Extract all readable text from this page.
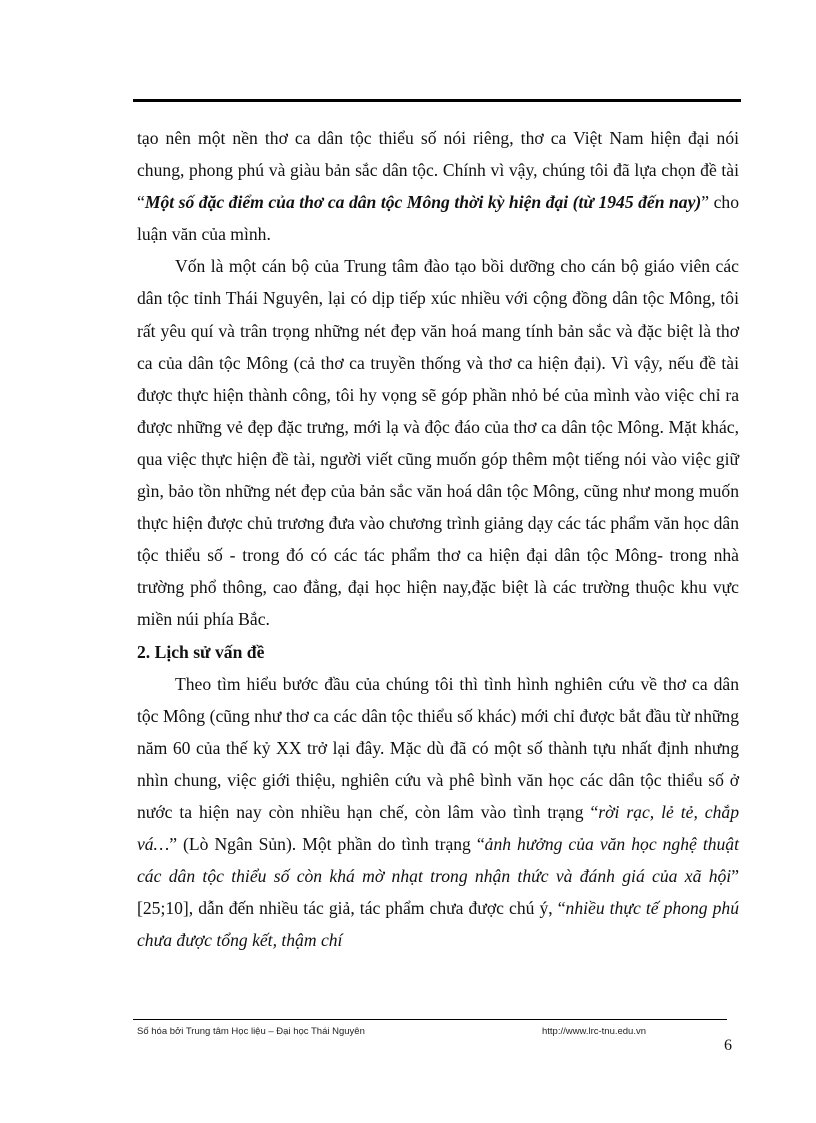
tạo nên một nền thơ ca dân tộc thiểu số nói riêng, thơ ca Việt Nam hiện đại nói chung, phong phú và giàu bản sắc dân tộc. Chính vì vậy, chúng tôi đã lựa chọn đề tài “Một số đặc điểm của thơ ca dân tộc Mông thời kỳ hiện đại (từ 1945 đến nay)” cho luận văn của mình.

Vốn là một cán bộ của Trung tâm đào tạo bồi dưỡng cho cán bộ giáo viên các dân tộc tỉnh Thái Nguyên, lại có dịp tiếp xúc nhiều với cộng đồng dân tộc Mông, tôi rất yêu quí và trân trọng những nét đẹp văn hoá mang tính bản sắc và đặc biệt là thơ ca của dân tộc Mông (cả thơ ca truyền thống và thơ ca hiện đại). Vì vậy, nếu đề tài được thực hiện thành công, tôi hy vọng sẽ góp phần nhỏ bé của mình vào việc chỉ ra được những vẻ đẹp đặc trưng, mới lạ và độc đáo của thơ ca dân tộc Mông. Mặt khác, qua việc thực hiện đề tài, người viết cũng muốn góp thêm một tiếng nói vào việc giữ gìn, bảo tồn những nét đẹp của bản sắc văn hoá dân tộc Mông, cũng như mong muốn thực hiện được chủ trương đưa vào chương trình giảng dạy các tác phẩm văn học dân tộc thiểu số - trong đó có các tác phẩm thơ ca hiện đại dân tộc Mông- trong nhà trường phổ thông, cao đẳng, đại học hiện nay,đặc biệt là các trường thuộc khu vực miền núi phía Bắc.

2. Lịch sử vấn đề

Theo tìm hiểu bước đầu của chúng tôi thì tình hình nghiên cứu về thơ ca dân tộc Mông (cũng như thơ ca các dân tộc thiểu số khác) mới chỉ được bắt đầu từ những năm 60 của thế kỷ XX trở lại đây. Mặc dù đã có một số thành tựu nhất định nhưng nhìn chung, việc giới thiệu, nghiên cứu và phê bình văn học các dân tộc thiểu số ở nước ta hiện nay còn nhiều hạn chế, còn lâm vào tình trạng “rời rạc, lẻ tẻ, chắp vá…” (Lò Ngân Sủn). Một phần do tình trạng “ảnh hưởng của văn học nghệ thuật các dân tộc thiểu số còn khá mờ nhạt trong nhận thức và đánh giá của xã hội” [25;10], dẫn đến nhiều tác giả, tác phẩm chưa được chú ý, “nhiều thực tế phong phú chưa được tổng kết, thậm chí

Số hóa bởi Trung tâm Học liệu – Đại học Thái Nguyên	http://www.lrc-tnu.edu.vn
6
